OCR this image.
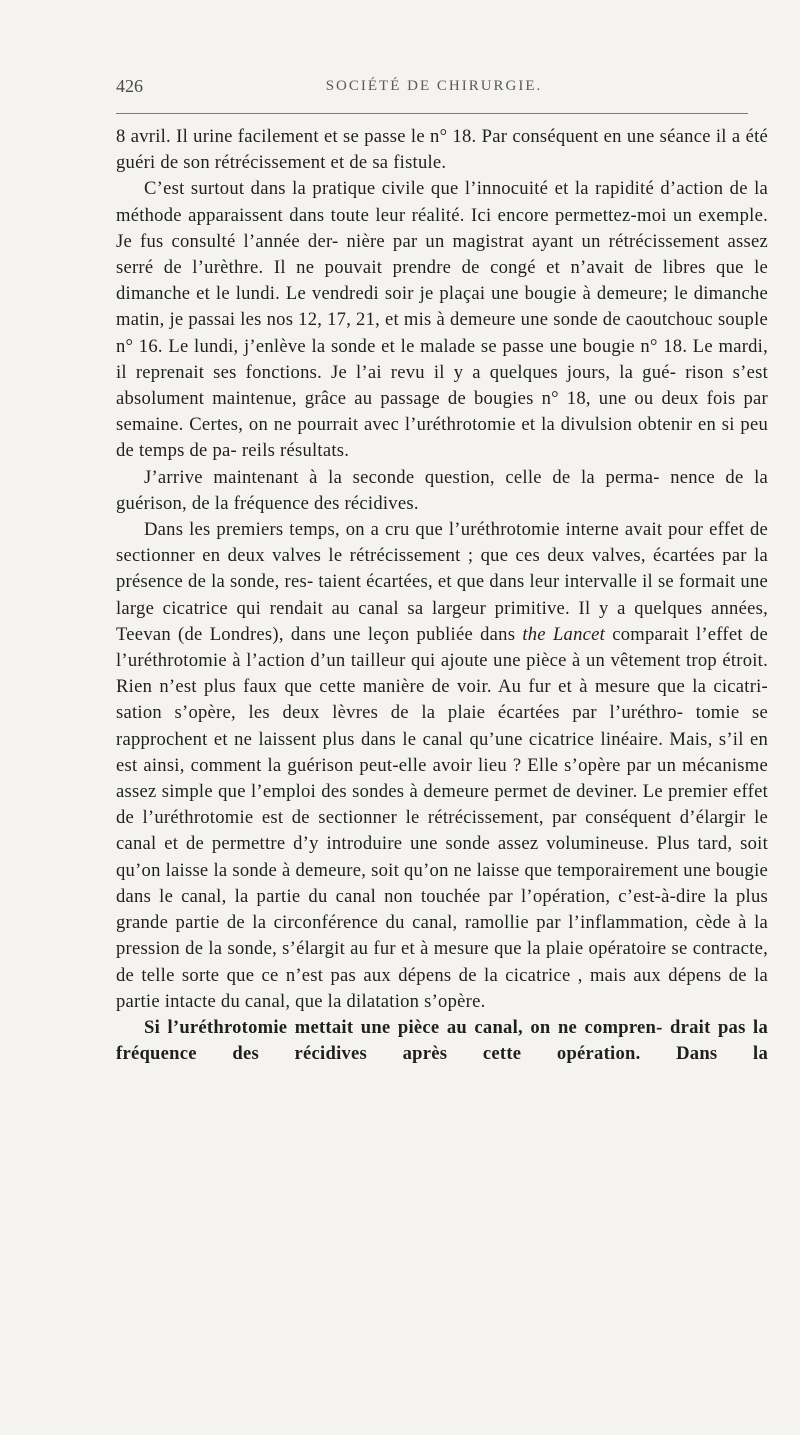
426	SOCIÉTÉ DE CHIRURGIE.

8 avril. Il urine facilement et se passe le n° 18. Par conséquent en une séance il a été guéri de son rétrécissement et de sa fistule.

C’est surtout dans la pratique civile que l’innocuité et la rapidité d’action de la méthode apparaissent dans toute leur réalité. Ici encore permettez-moi un exemple. Je fus consulté l’année der- nière par un magistrat ayant un rétrécissement assez serré de l’urèthre. Il ne pouvait prendre de congé et n’avait de libres que le dimanche et le lundi. Le vendredi soir je plaçai une bougie à demeure; le dimanche matin, je passai les nos 12, 17, 21, et mis à demeure une sonde de caoutchouc souple n° 16. Le lundi, j’enlève la sonde et le malade se passe une bougie n° 18. Le mardi, il reprenait ses fonctions. Je l’ai revu il y a quelques jours, la gué- rison s’est absolument maintenue, grâce au passage de bougies n° 18, une ou deux fois par semaine. Certes, on ne pourrait avec l’uréthrotomie et la divulsion obtenir en si peu de temps de pa- reils résultats.

J’arrive maintenant à la seconde question, celle de la perma- nence de la guérison, de la fréquence des récidives.

Dans les premiers temps, on a cru que l’uréthrotomie interne avait pour effet de sectionner en deux valves le rétrécissement ; que ces deux valves, écartées par la présence de la sonde, res- taient écartées, et que dans leur intervalle il se formait une large cicatrice qui rendait au canal sa largeur primitive. Il y a quelques années, Teevan (de Londres), dans une leçon publiée dans the Lancet comparait l’effet de l’uréthrotomie à l’action d’un tailleur qui ajoute une pièce à un vêtement trop étroit. Rien n’est plus faux que cette manière de voir. Au fur et à mesure que la cicatri- sation s’opère, les deux lèvres de la plaie écartées par l’uréthro- tomie se rapprochent et ne laissent plus dans le canal qu’une cicatrice linéaire. Mais, s’il en est ainsi, comment la guérison peut-elle avoir lieu ? Elle s’opère par un mécanisme assez simple que l’emploi des sondes à demeure permet de deviner. Le premier effet de l’uréthrotomie est de sectionner le rétrécissement, par conséquent d’élargir le canal et de permettre d’y introduire une sonde assez volumineuse. Plus tard, soit qu’on laisse la sonde à demeure, soit qu’on ne laisse que temporairement une bougie dans le canal, la partie du canal non touchée par l’opération, c’est-à-dire la plus grande partie de la circonférence du canal, ramollie par l’inflammation, cède à la pression de la sonde, s’élargit au fur et à mesure que la plaie opératoire se contracte, de telle sorte que ce n’est pas aux dépens de la cicatrice , mais aux dépens de la partie intacte du canal, que la dilatation s’opère.

Si l’uréthrotomie mettait une pièce au canal, on ne compren- drait pas la fréquence des récidives après cette opération. Dans la
